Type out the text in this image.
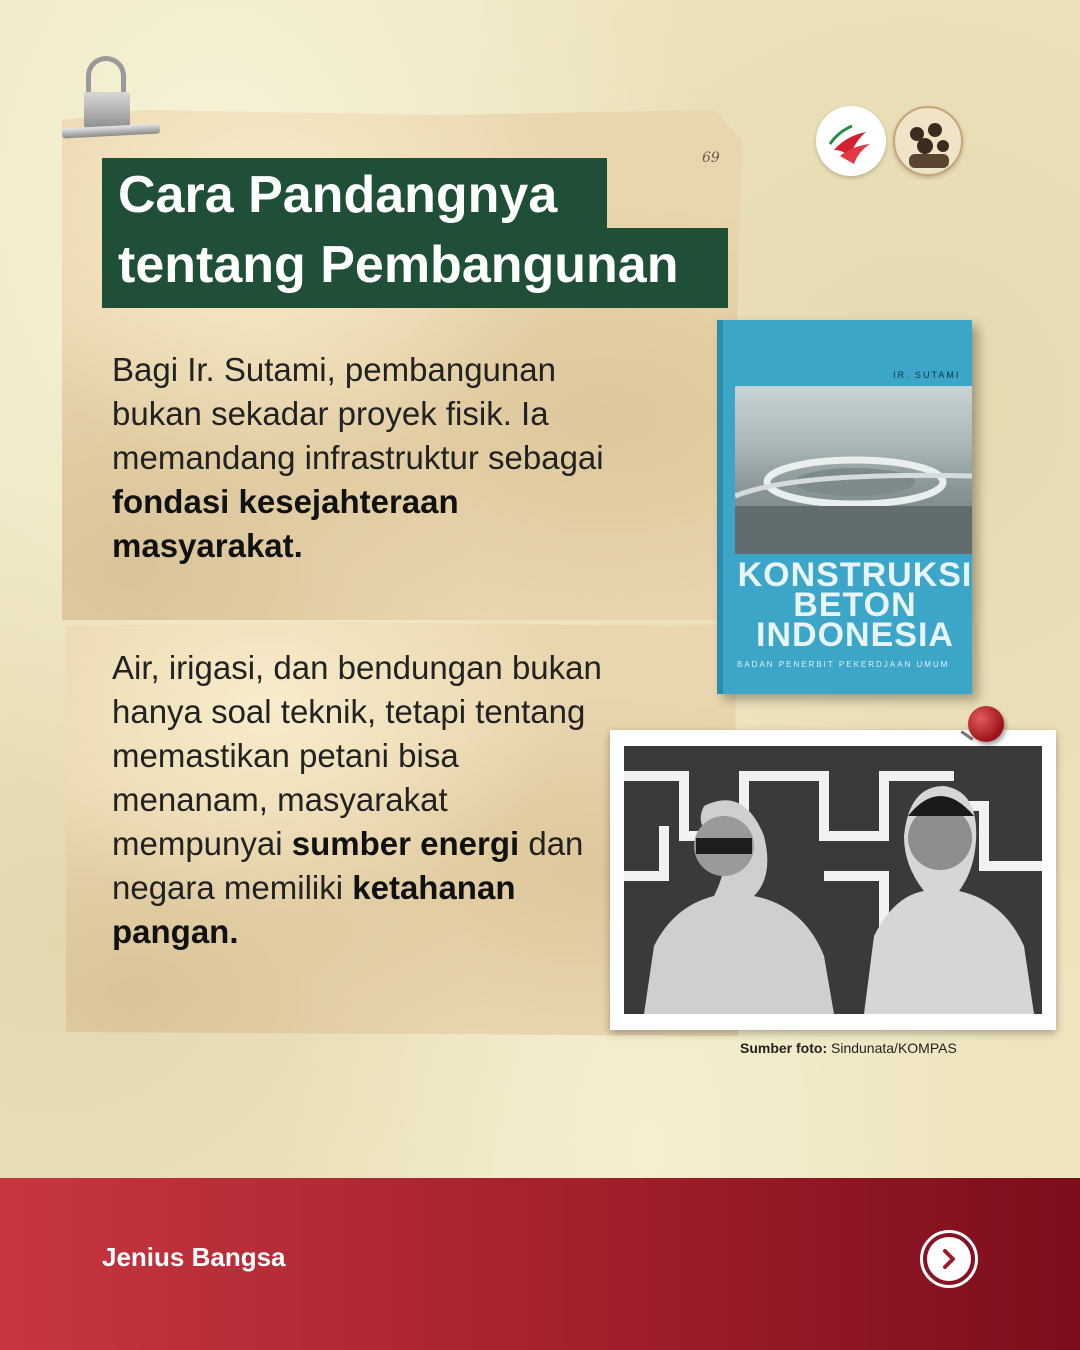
69
Cara Pandangnya
tentang Pembangunan

Bagi Ir. Sutami, pembangunan bukan sekadar proyek fisik. Ia memandang infrastruktur sebagai fondasi kesejahteraan masyarakat.

Air, irigasi, dan bendungan bukan hanya soal teknik, tetapi tentang memastikan petani bisa menanam, masyarakat mempunyai sumber energi dan negara memiliki ketahanan pangan.

IR. SUTAMI
KONSTRUKSI
BETON
INDONESIA
BADAN PENERBIT PEKERDJAAN UMUM
Sumber foto: Sindunata/KOMPAS
Jenius Bangsa
